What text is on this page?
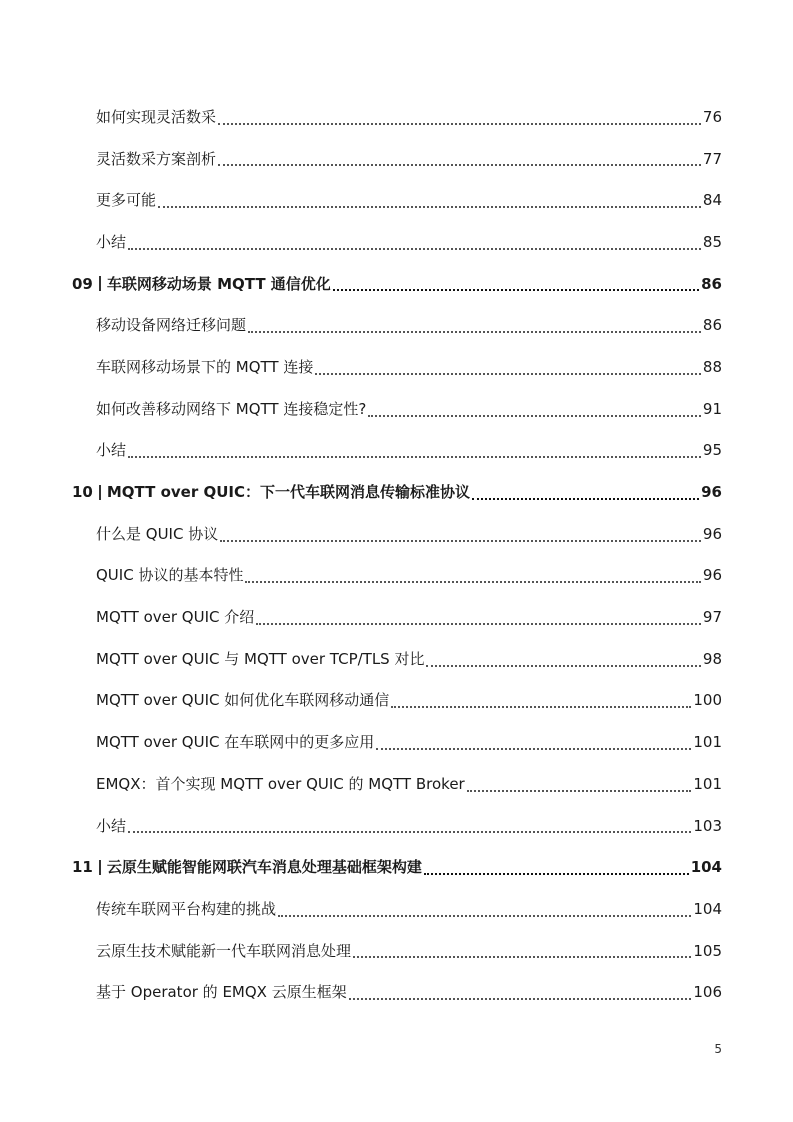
如何实现灵活数采	76
灵活数采方案剖析	77
更多可能	84
小结	85
09 车联网移动场景 MQTT 通信优化	86
移动设备网络迁移问题	86
车联网移动场景下的 MQTT 连接	88
如何改善移动网络下 MQTT 连接稳定性?	91
小结	95
10 MQTT over QUIC：下一代车联网消息传输标准协议	96
什么是 QUIC 协议	96
QUIC 协议的基本特性	96
MQTT over QUIC 介绍	97
MQTT over QUIC 与 MQTT over TCP/TLS 对比	98
MQTT over QUIC 如何优化车联网移动通信	100
MQTT over QUIC 在车联网中的更多应用	101
EMQX：首个实现 MQTT over QUIC 的 MQTT Broker	101
小结	103
11 云原生赋能智能网联汽车消息处理基础框架构建	104
传统车联网平台构建的挑战	104
云原生技术赋能新一代车联网消息处理	105
基于 Operator 的 EMQX 云原生框架	106
5
